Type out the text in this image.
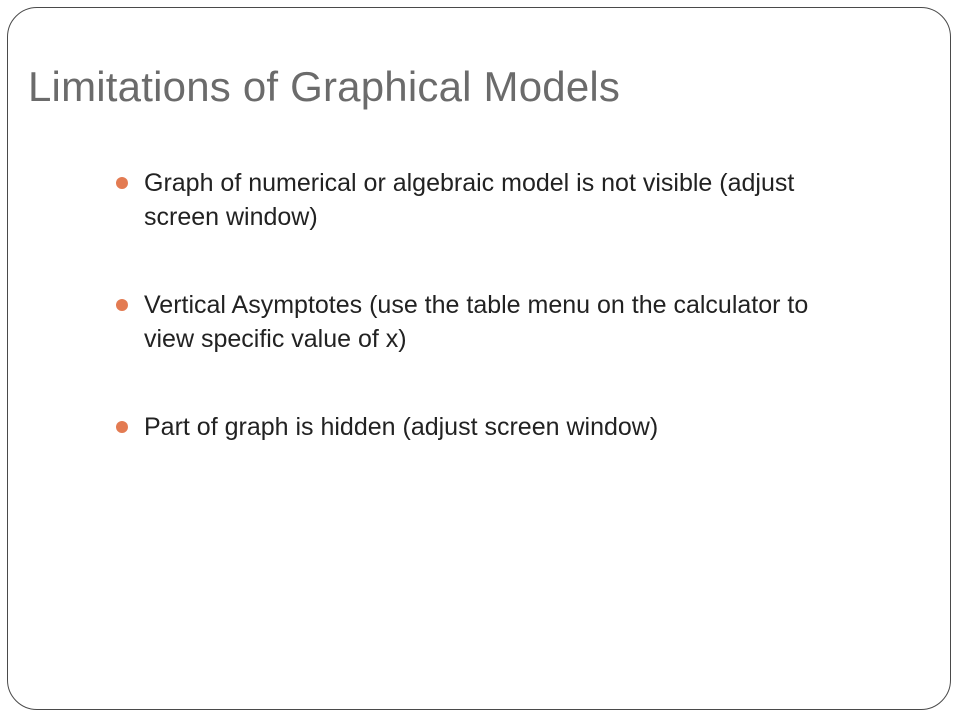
Limitations of Graphical Models
Graph of numerical or algebraic model is not visible (adjust screen window)
Vertical Asymptotes (use the table menu on the calculator to view specific value of x)
Part of graph is hidden (adjust screen window)
